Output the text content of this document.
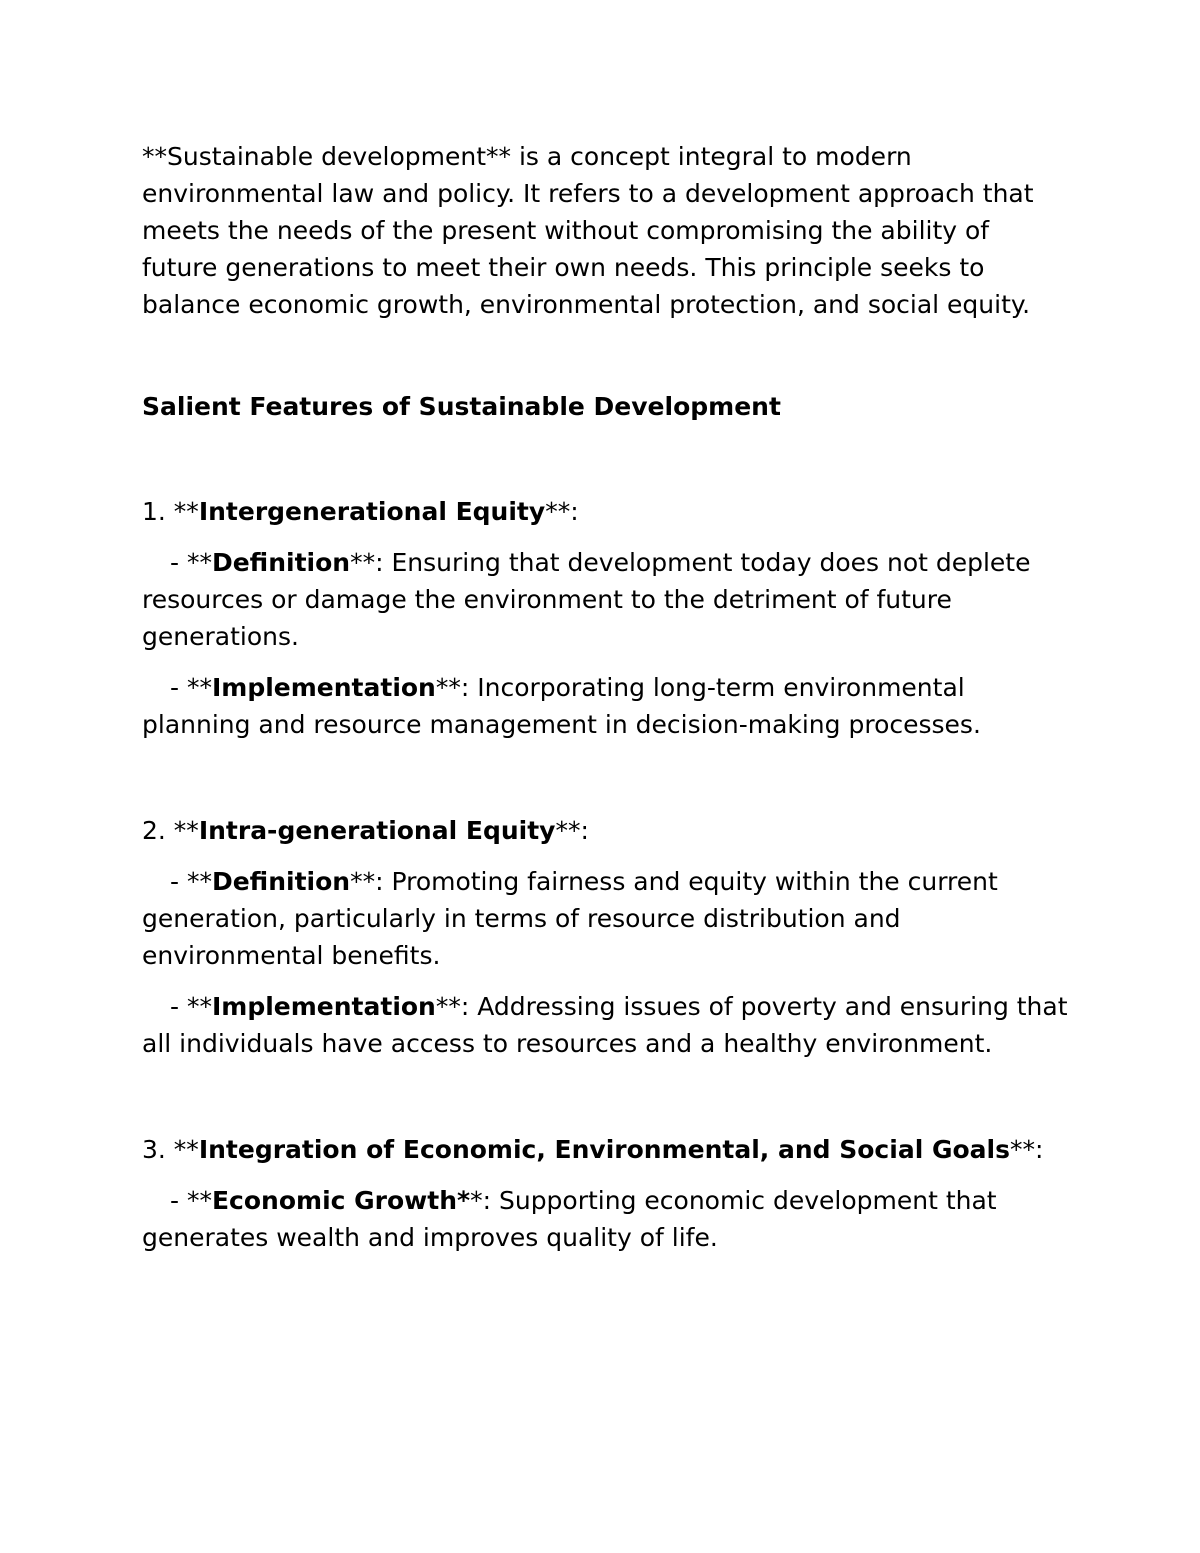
**Sustainable development** is a concept integral to modern environmental law and policy. It refers to a development approach that meets the needs of the present without compromising the ability of future generations to meet their own needs. This principle seeks to balance economic growth, environmental protection, and social equity.

Salient Features of Sustainable Development

1. **Intergenerational Equity**:

- **Definition**: Ensuring that development today does not deplete resources or damage the environment to the detriment of future generations.

- **Implementation**: Incorporating long-term environmental planning and resource management in decision-making processes.

2. **Intra-generational Equity**:

- **Definition**: Promoting fairness and equity within the current generation, particularly in terms of resource distribution and environmental benefits.

- **Implementation**: Addressing issues of poverty and ensuring that all individuals have access to resources and a healthy environment.

3. **Integration of Economic, Environmental, and Social Goals**:

- **Economic Growth**: Supporting economic development that generates wealth and improves quality of life.
